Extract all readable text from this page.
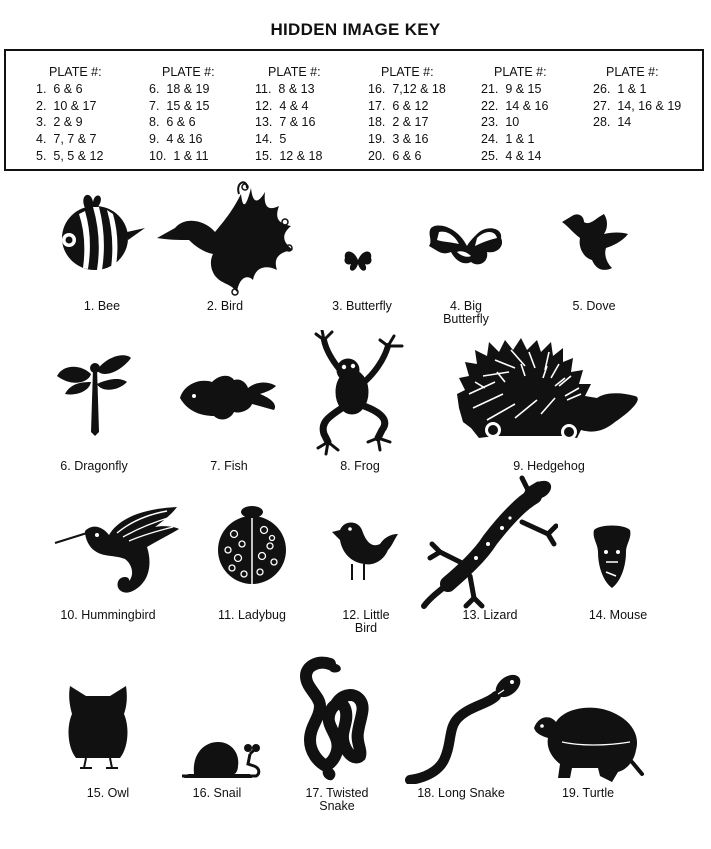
HIDDEN IMAGE KEY
PLATE #:
1.  6 & 6
2.  10 & 17
3.  2 & 9
4.  7, 7 & 7
5.  5, 5 & 12
PLATE #:
6.  18 & 19
7.  15 & 15
8.  6 & 6
9.  4 & 16
10.  1 & 11
PLATE #:
11.  8 & 13
12.  4 & 4
13.  7 & 16
14.  5
15.  12 & 18
PLATE #:
16.  7,12 & 18
17.  6 & 12
18.  2 & 17
19.  3 & 16
20.  6 & 6
PLATE #:
21.  9 & 15
22.  14 & 16
23.  10
24.  1 & 1
25.  4 & 14
PLATE #:
26.  1 & 1
27.  14, 16 & 19
28.  14
1. Bee	2. Bird	3. Butterfly	4. Big
Butterfly
5. Dove
6. Dragonfly	7. Fish	8. Frog	9. Hedgehog
10. Hummingbird	11. Ladybug	12. Little
Bird
13. Lizard	14. Mouse
15. Owl	16. Snail	17. Twisted
Snake
18. Long Snake	19. Turtle
